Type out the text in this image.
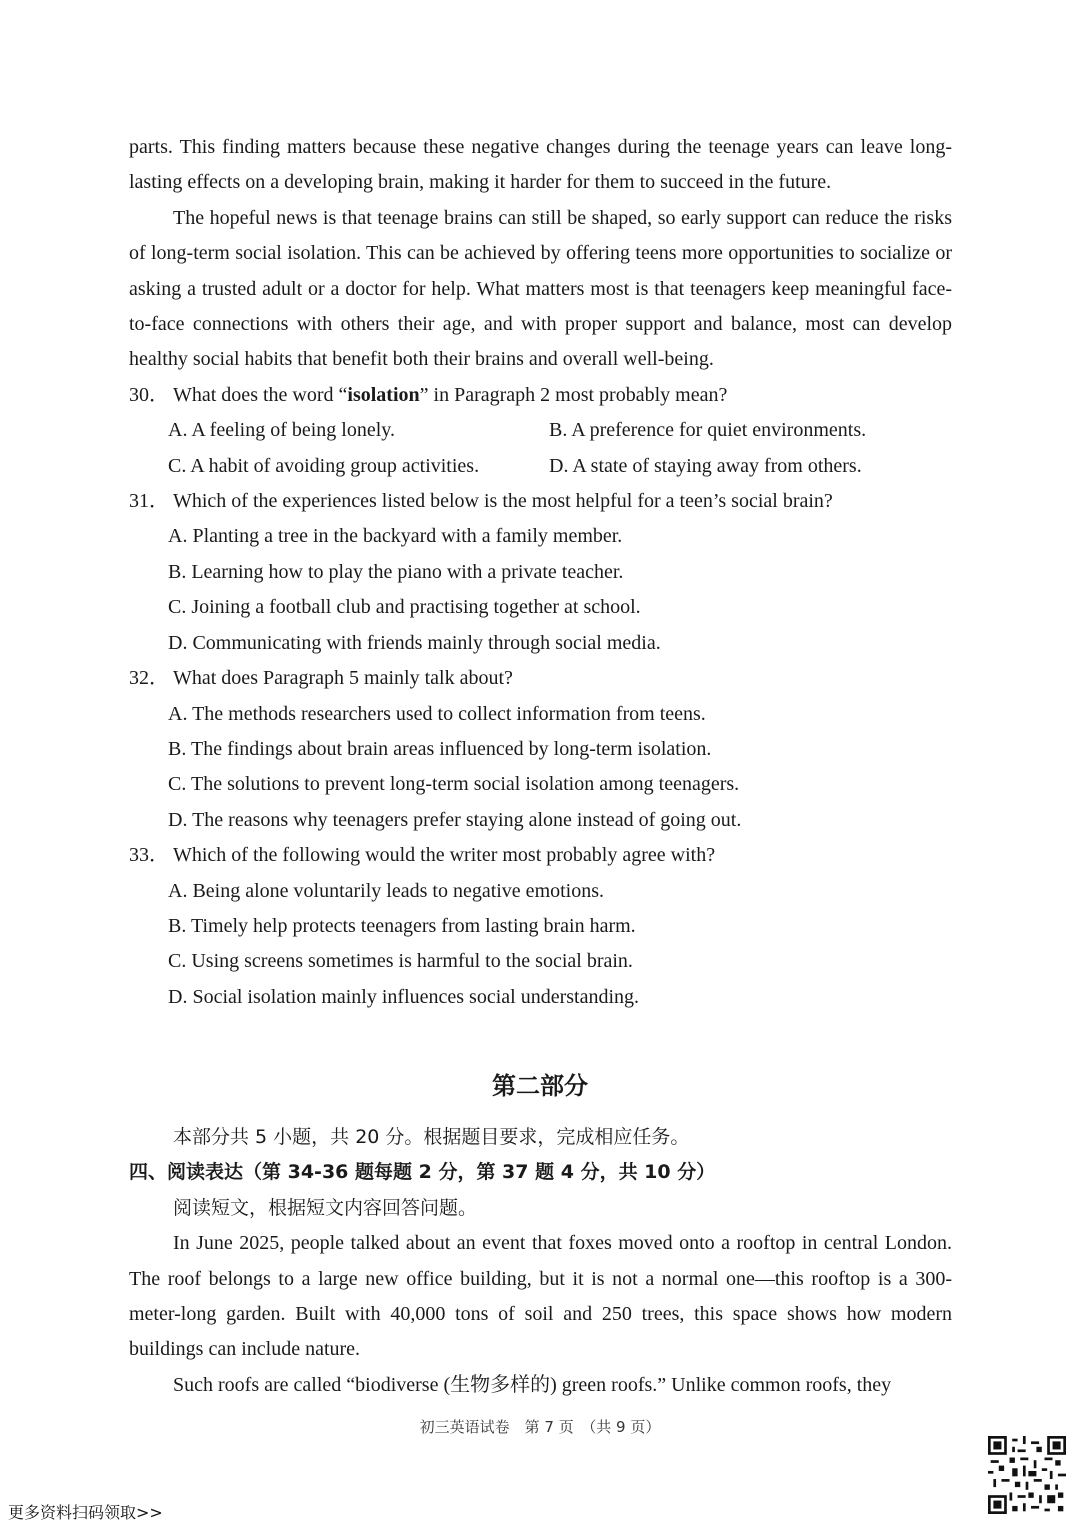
parts. This finding matters because these negative changes during the teenage years can leave long-lasting effects on a developing brain, making it harder for them to succeed in the future.

The hopeful news is that teenage brains can still be shaped, so early support can reduce the risks of long-term social isolation. This can be achieved by offering teens more opportunities to socialize or asking a trusted adult or a doctor for help. What matters most is that teenagers keep meaningful face-to-face connections with others their age, and with proper support and balance, most can develop healthy social habits that benefit both their brains and overall well-being.

30． What does the word “isolation” in Paragraph 2 most probably mean?

A. A feeling of being lonely.	B. A preference for quiet environments.
C. A habit of avoiding group activities.	D. A state of staying away from others.

31． Which of the experiences listed below is the most helpful for a teen’s social brain?

A. Planting a tree in the backyard with a family member.

B. Learning how to play the piano with a private teacher.

C. Joining a football club and practising together at school.

D. Communicating with friends mainly through social media.

32． What does Paragraph 5 mainly talk about?

A. The methods researchers used to collect information from teens.

B. The findings about brain areas influenced by long-term isolation.

C. The solutions to prevent long-term social isolation among teenagers.

D. The reasons why teenagers prefer staying alone instead of going out.

33． Which of the following would the writer most probably agree with?

A. Being alone voluntarily leads to negative emotions.

B. Timely help protects teenagers from lasting brain harm.

C. Using screens sometimes is harmful to the social brain.

D. Social isolation mainly influences social understanding.

第二部分

本部分共 5 小题，共 20 分。根据题目要求，完成相应任务。

四、阅读表达（第 34-36 题每题 2 分，第 37 题 4 分，共 10 分）

阅读短文，根据短文内容回答问题。

In June 2025, people talked about an event that foxes moved onto a rooftop in central London. The roof belongs to a large new office building, but it is not a normal one—this rooftop is a 300-meter-long garden. Built with 40,000 tons of soil and 250 trees, this space shows how modern buildings can include nature.

Such roofs are called “biodiverse (生物多样的) green roofs.” Unlike common roofs, they

初三英语试卷　第 7 页　（共 9 页）
更多资料扫码领取>>
